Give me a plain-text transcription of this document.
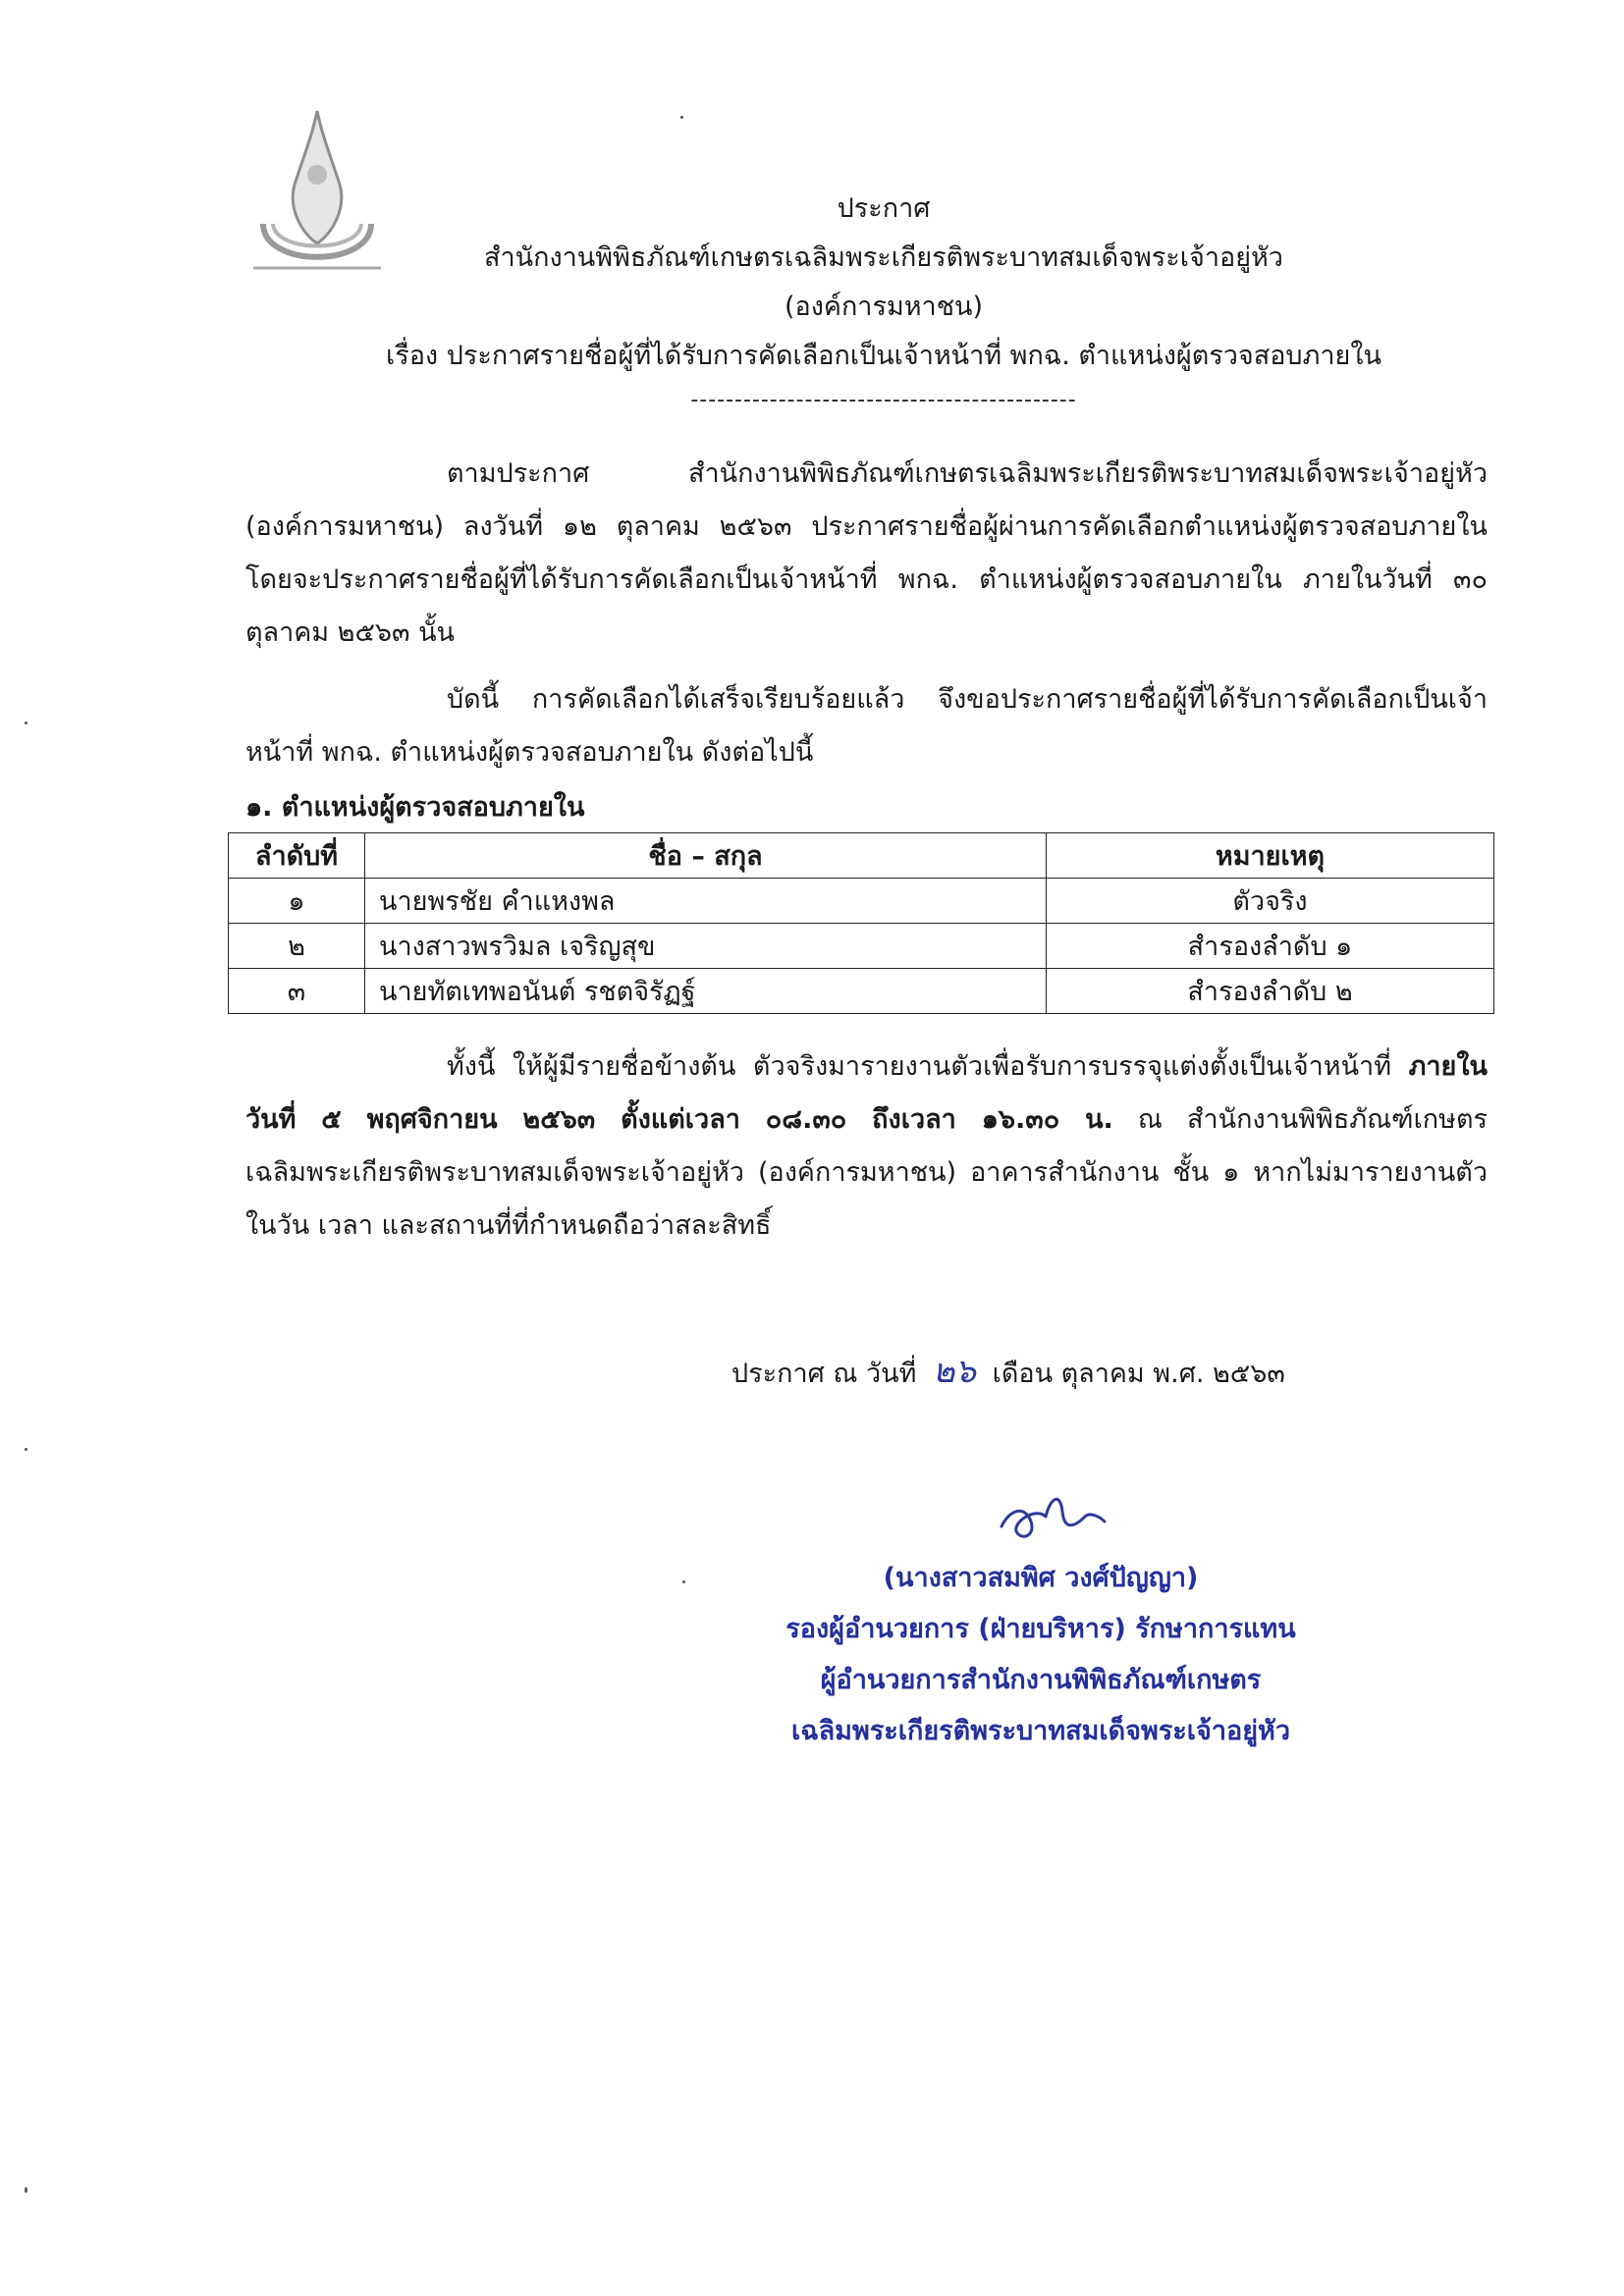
ประกาศ
สำนักงานพิพิธภัณฑ์เกษตรเฉลิมพระเกียรติพระบาทสมเด็จพระเจ้าอยู่หัว
(องค์การมหาชน)
เรื่อง ประกาศรายชื่อผู้ที่ได้รับการคัดเลือกเป็นเจ้าหน้าที่ พกฉ. ตำแหน่งผู้ตรวจสอบภายใน
--------------------------------------------
ตามประกาศ สำนักงานพิพิธภัณฑ์เกษตรเฉลิมพระเกียรติพระบาทสมเด็จพระเจ้าอยู่หัว (องค์การมหาชน) ลงวันที่ ๑๒ ตุลาคม ๒๕๖๓ ประกาศรายชื่อผู้ผ่านการคัดเลือกตำแหน่งผู้ตรวจสอบภายใน โดยจะประกาศรายชื่อผู้ที่ได้รับการคัดเลือกเป็นเจ้าหน้าที่ พกฉ. ตำแหน่งผู้ตรวจสอบภายใน ภายในวันที่ ๓๐ ตุลาคม ๒๕๖๓ นั้น
บัดนี้ การคัดเลือกได้เสร็จเรียบร้อยแล้ว จึงขอประกาศรายชื่อผู้ที่ได้รับการคัดเลือกเป็นเจ้าหน้าที่ พกฉ. ตำแหน่งผู้ตรวจสอบภายใน ดังต่อไปนี้
๑. ตำแหน่งผู้ตรวจสอบภายใน
ลำดับที่	ชื่อ – สกุล	หมายเหตุ
๑	นายพรชัย คำแหงพล	ตัวจริง
๒	นางสาวพรวิมล เจริญสุข	สำรองลำดับ ๑
๓	นายทัตเทพอนันต์ รชตจิรัฏฐ์	สำรองลำดับ ๒
ทั้งนี้ ให้ผู้มีรายชื่อข้างต้น ตัวจริงมารายงานตัวเพื่อรับการบรรจุแต่งตั้งเป็นเจ้าหน้าที่ ภายในวันที่ ๕ พฤศจิกายน ๒๕๖๓ ตั้งแต่เวลา ๐๘.๓๐ ถึงเวลา ๑๖.๓๐ น. ณ สำนักงานพิพิธภัณฑ์เกษตรเฉลิมพระเกียรติพระบาทสมเด็จพระเจ้าอยู่หัว (องค์การมหาชน) อาคารสำนักงาน ชั้น ๑ หากไม่มารายงานตัวในวัน เวลา และสถานที่ที่กำหนดถือว่าสละสิทธิ์
ประกาศ ณ วันที่ ๒๖ เดือน ตุลาคม พ.ศ. ๒๕๖๓
(นางสาวสมพิศ วงศ์ปัญญา)
รองผู้อำนวยการ (ฝ่ายบริหาร) รักษาการแทน
ผู้อำนวยการสำนักงานพิพิธภัณฑ์เกษตร
เฉลิมพระเกียรติพระบาทสมเด็จพระเจ้าอยู่หัว
